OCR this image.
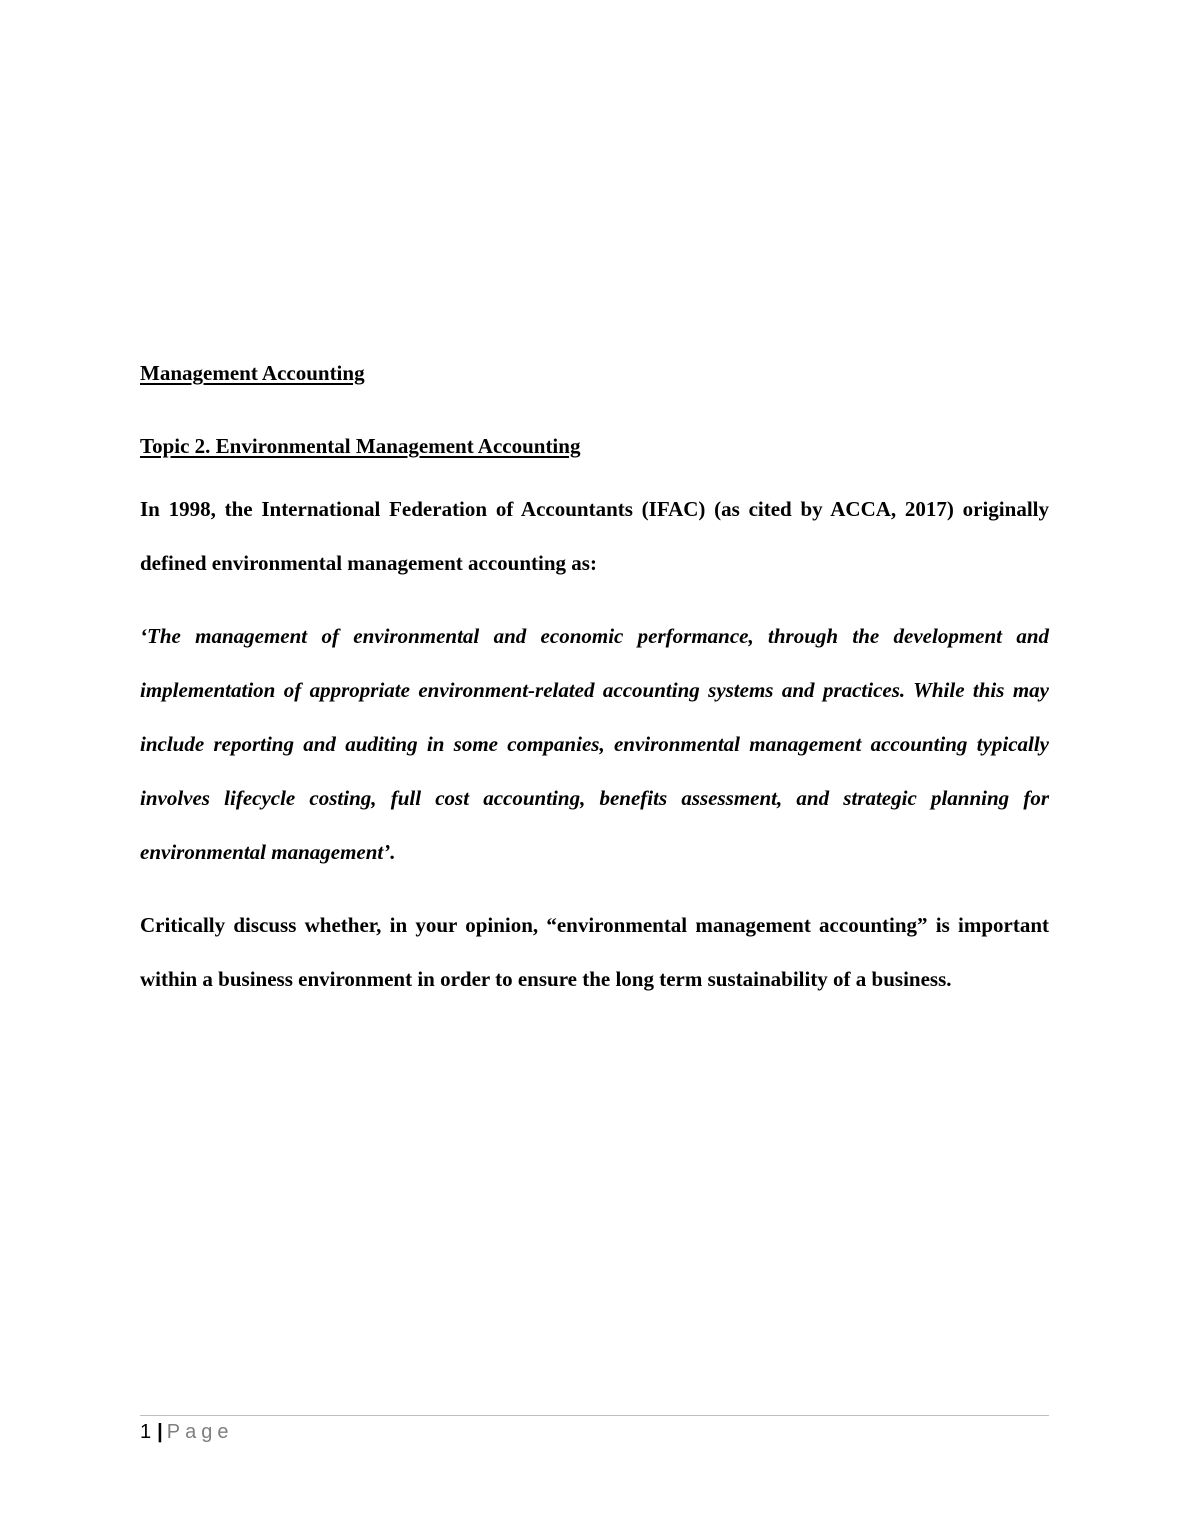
Management Accounting

Topic 2. Environmental Management Accounting

In 1998, the International Federation of Accountants (IFAC) (as cited by ACCA, 2017) originally defined environmental management accounting as:

‘The management of environmental and economic performance, through the development and implementation of appropriate environment-related accounting systems and practices. While this may include reporting and auditing in some companies, environmental management accounting typically involves lifecycle costing, full cost accounting, benefits assessment, and strategic planning for environmental management’.

Critically discuss whether, in your opinion, “environmental management accounting” is important within a business environment in order to ensure the long term sustainability of a business.

1 | Page
